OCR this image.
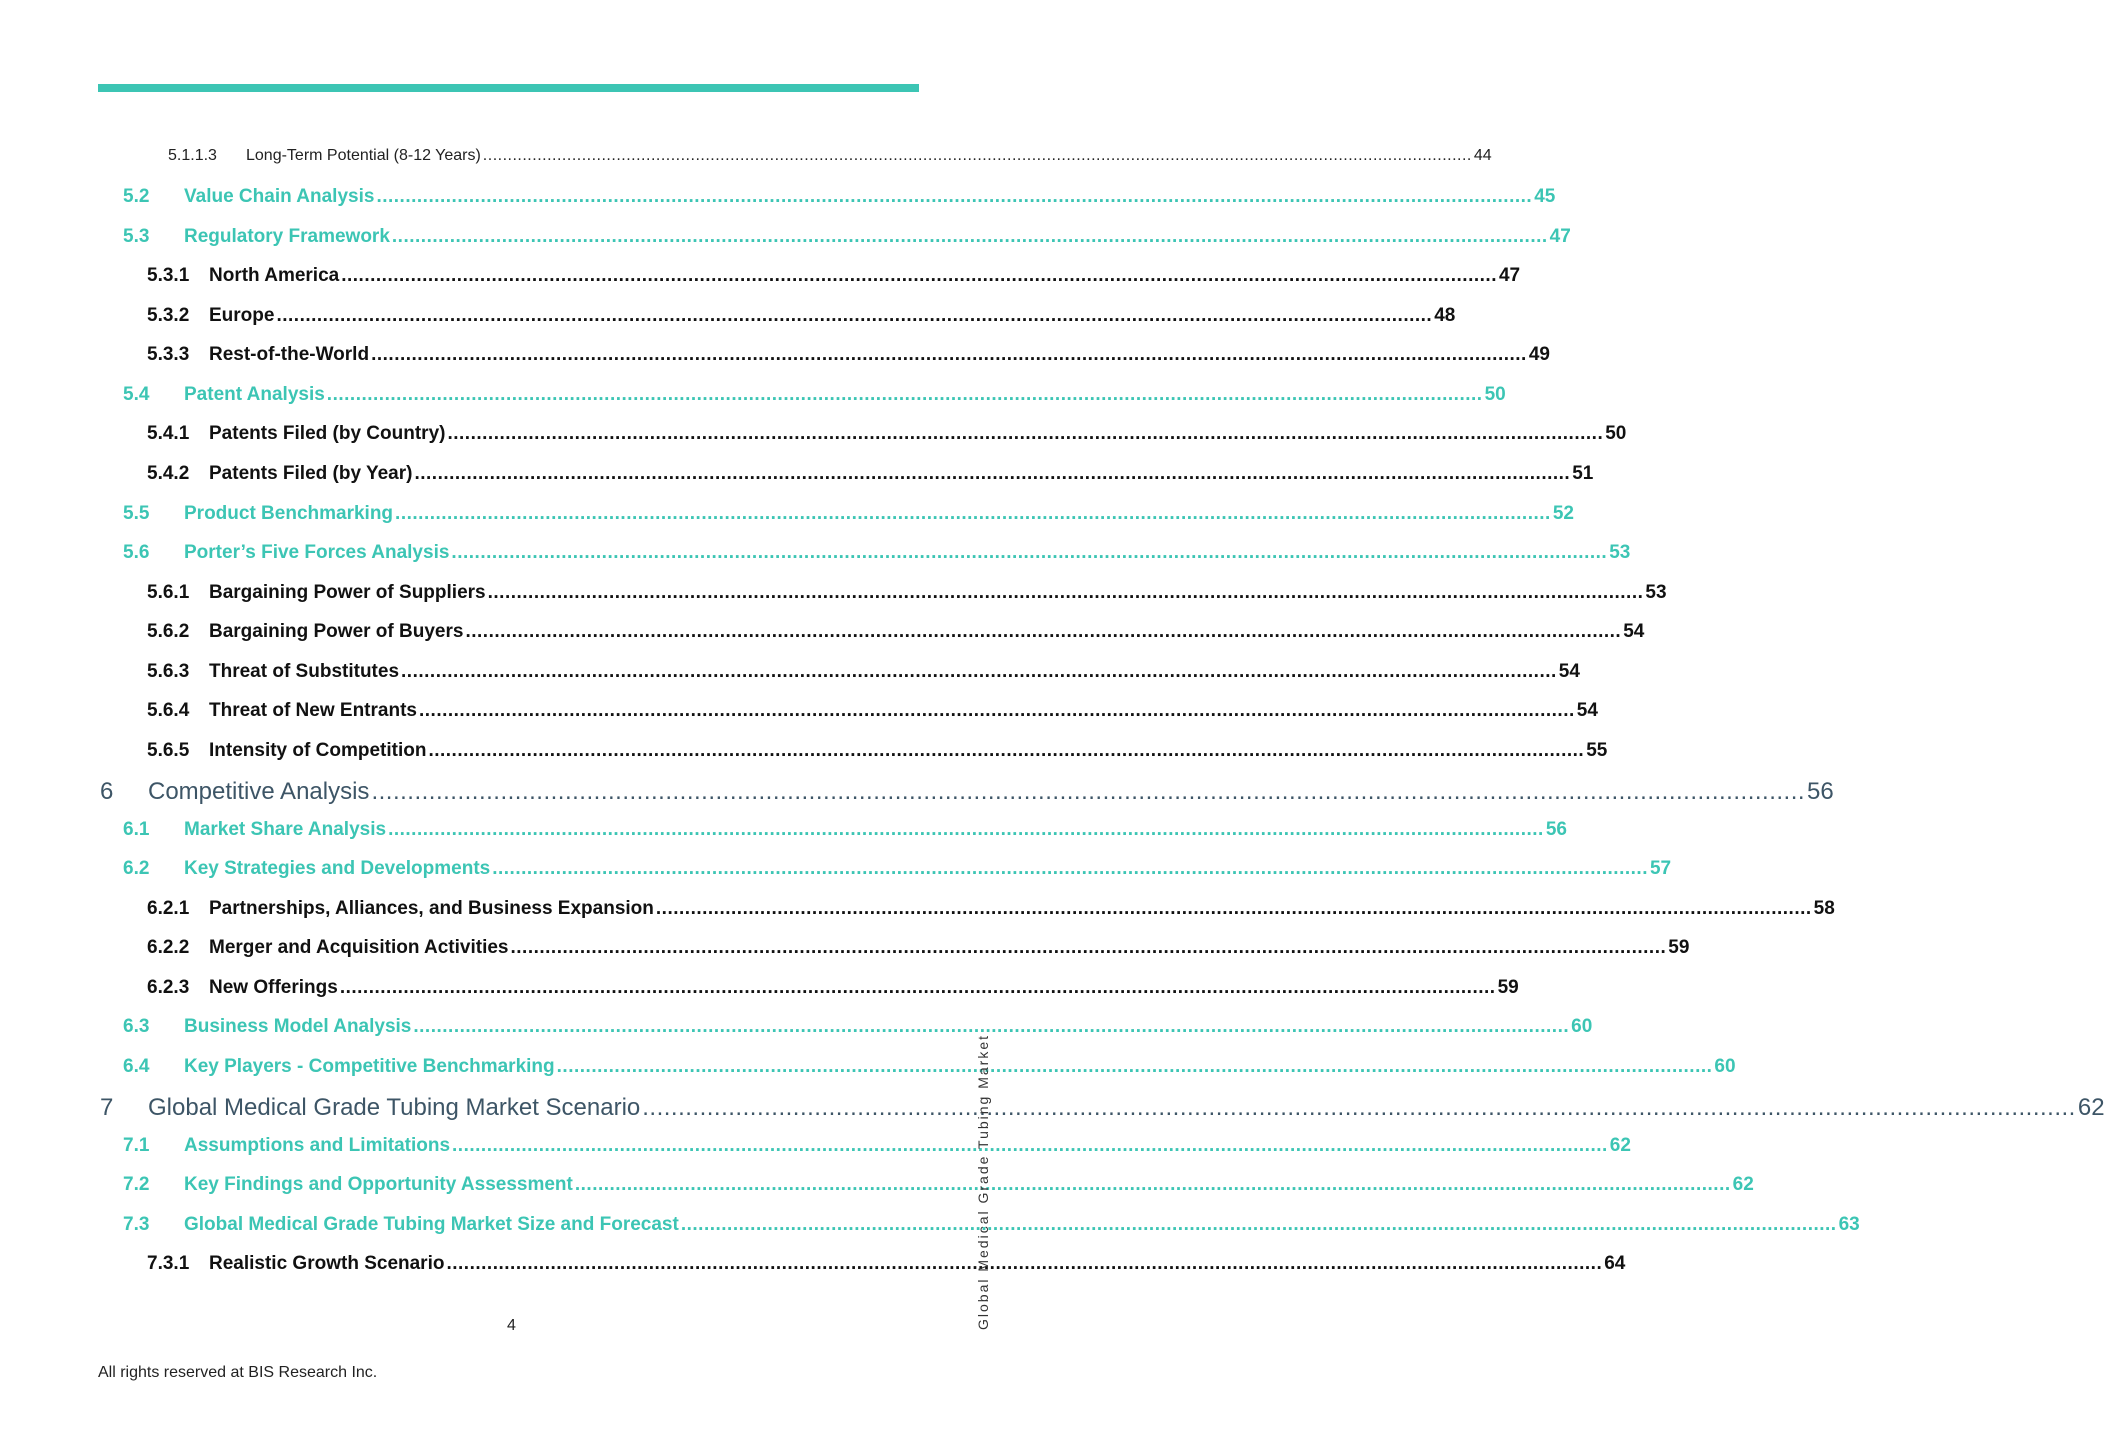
5.1.1.3 Long-Term Potential (8-12 Years) ........................................................................................................................................................................................................ 44
5.2 Value Chain Analysis ........................................................................................................................................................................................................ 45
5.3 Regulatory Framework ........................................................................................................................................................................................................ 47
5.3.1 North America ........................................................................................................................................................................................................ 47
5.3.2 Europe ........................................................................................................................................................................................................ 48
5.3.3 Rest-of-the-World ........................................................................................................................................................................................................ 49
5.4 Patent Analysis ........................................................................................................................................................................................................ 50
5.4.1 Patents Filed (by Country) ........................................................................................................................................................................................................ 50
5.4.2 Patents Filed (by Year) ........................................................................................................................................................................................................ 51
5.5 Product Benchmarking ........................................................................................................................................................................................................ 52
5.6 Porter’s Five Forces Analysis ........................................................................................................................................................................................................ 53
5.6.1 Bargaining Power of Suppliers ........................................................................................................................................................................................................ 53
5.6.2 Bargaining Power of Buyers ........................................................................................................................................................................................................ 54
5.6.3 Threat of Substitutes ........................................................................................................................................................................................................ 54
5.6.4 Threat of New Entrants ........................................................................................................................................................................................................ 54
5.6.5 Intensity of Competition ........................................................................................................................................................................................................ 55
6 Competitive Analysis ........................................................................................................................................................................................................ 56
6.1 Market Share Analysis ........................................................................................................................................................................................................ 56
6.2 Key Strategies and Developments ........................................................................................................................................................................................................ 57
6.2.1 Partnerships, Alliances, and Business Expansion ........................................................................................................................................................................................................ 58
6.2.2 Merger and Acquisition Activities ........................................................................................................................................................................................................ 59
6.2.3 New Offerings ........................................................................................................................................................................................................ 59
6.3 Business Model Analysis ........................................................................................................................................................................................................ 60
6.4 Key Players - Competitive Benchmarking ........................................................................................................................................................................................................ 60
7 Global Medical Grade Tubing Market Scenario ........................................................................................................................................................................................................ 62
7.1 Assumptions and Limitations ........................................................................................................................................................................................................ 62
7.2 Key Findings and Opportunity Assessment ........................................................................................................................................................................................................ 62
7.3 Global Medical Grade Tubing Market Size and Forecast ........................................................................................................................................................................................................ 63
7.3.1 Realistic Growth Scenario ........................................................................................................................................................................................................ 64
Global Medical Grade Tubing Market
4
All rights reserved at BIS Research Inc.
